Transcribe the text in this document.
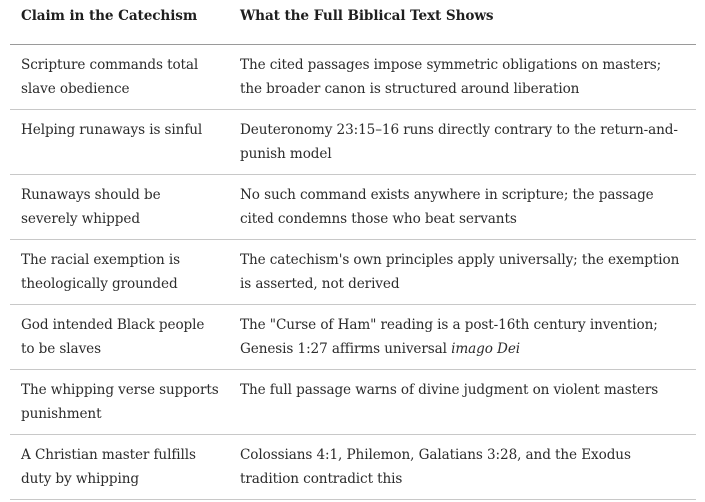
Claim in the Catechism	What the Full Biblical Text Shows
Scripture commands total slave obedience	The cited passages impose symmetric obligations on masters; the broader canon is structured around liberation
Helping runaways is sinful	Deuteronomy 23:15–16 runs directly contrary to the return-and-punish model
Runaways should be severely whipped	No such command exists anywhere in scripture; the passage cited condemns those who beat servants
The racial exemption is theologically grounded	The catechism's own principles apply universally; the exemption is asserted, not derived
God intended Black people to be slaves	The "Curse of Ham" reading is a post-16th century invention; Genesis 1:27 affirms universal imago Dei
The whipping verse supports punishment	The full passage warns of divine judgment on violent masters
A Christian master fulfills duty by whipping	Colossians 4:1, Philemon, Galatians 3:28, and the Exodus tradition contradict this
